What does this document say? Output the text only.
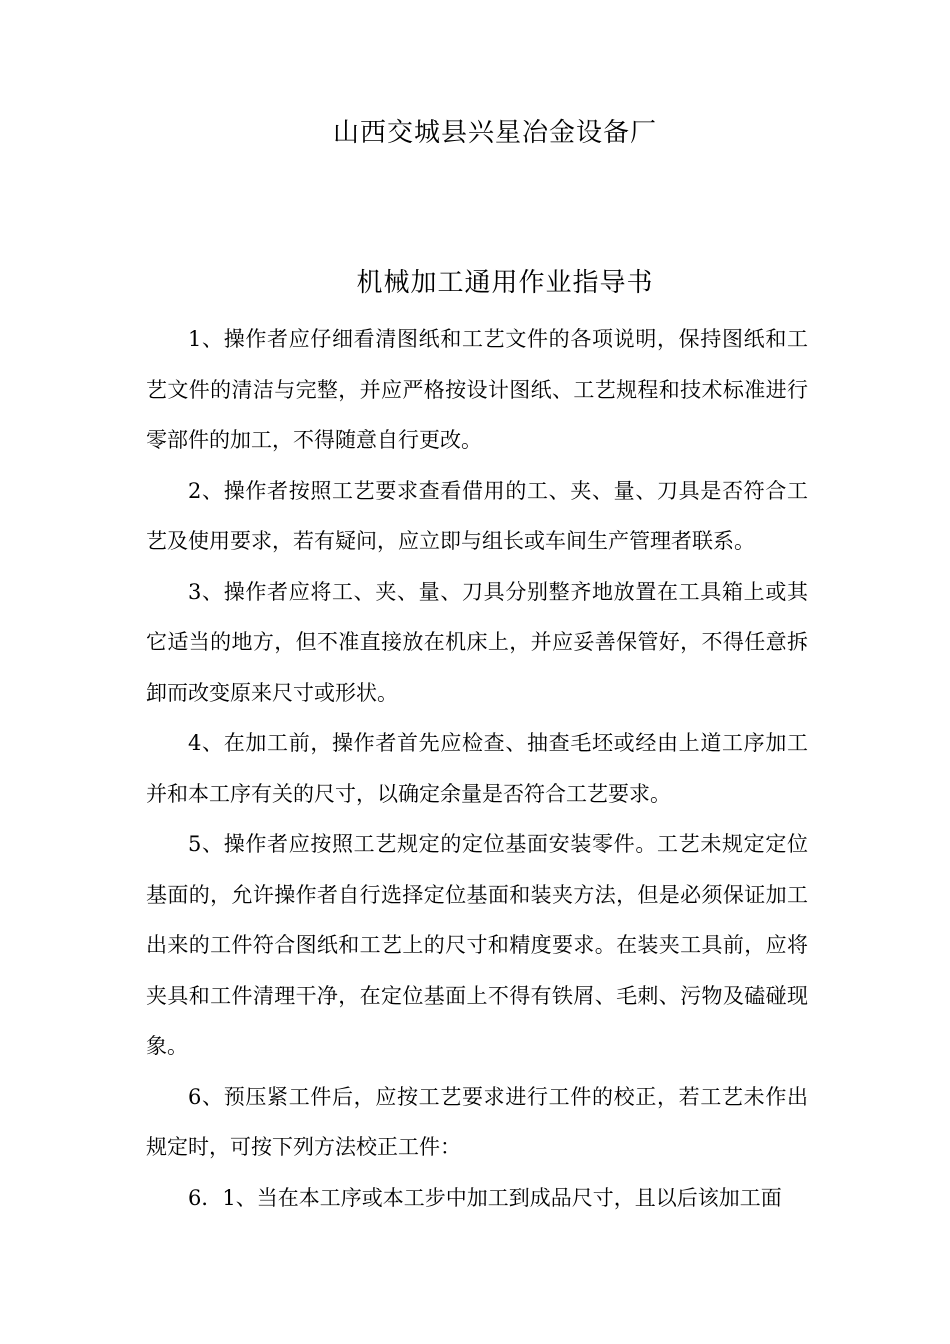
山西交城县兴星冶金设备厂
机械加工通用作业指导书

1、操作者应仔细看清图纸和工艺文件的各项说明，保持图纸和工艺文件的清洁与完整，并应严格按设计图纸、工艺规程和技术标准进行零部件的加工，不得随意自行更改。

2、操作者按照工艺要求查看借用的工、夹、量、刀具是否符合工艺及使用要求，若有疑问，应立即与组长或车间生产管理者联系。

3、操作者应将工、夹、量、刀具分别整齐地放置在工具箱上或其它适当的地方，但不准直接放在机床上，并应妥善保管好，不得任意拆卸而改变原来尺寸或形状。

4、在加工前，操作者首先应检查、抽查毛坯或经由上道工序加工并和本工序有关的尺寸，以确定余量是否符合工艺要求。

5、操作者应按照工艺规定的定位基面安装零件。工艺未规定定位基面的，允许操作者自行选择定位基面和装夹方法，但是必须保证加工出来的工件符合图纸和工艺上的尺寸和精度要求。在装夹工具前，应将夹具和工件清理干净，在定位基面上不得有铁屑、毛刺、污物及磕碰现象。

6、预压紧工件后，应按工艺要求进行工件的校正，若工艺未作出规定时，可按下列方法校正工件：

6．1、当在本工序或本工步中加工到成品尺寸，且以后该加工面
